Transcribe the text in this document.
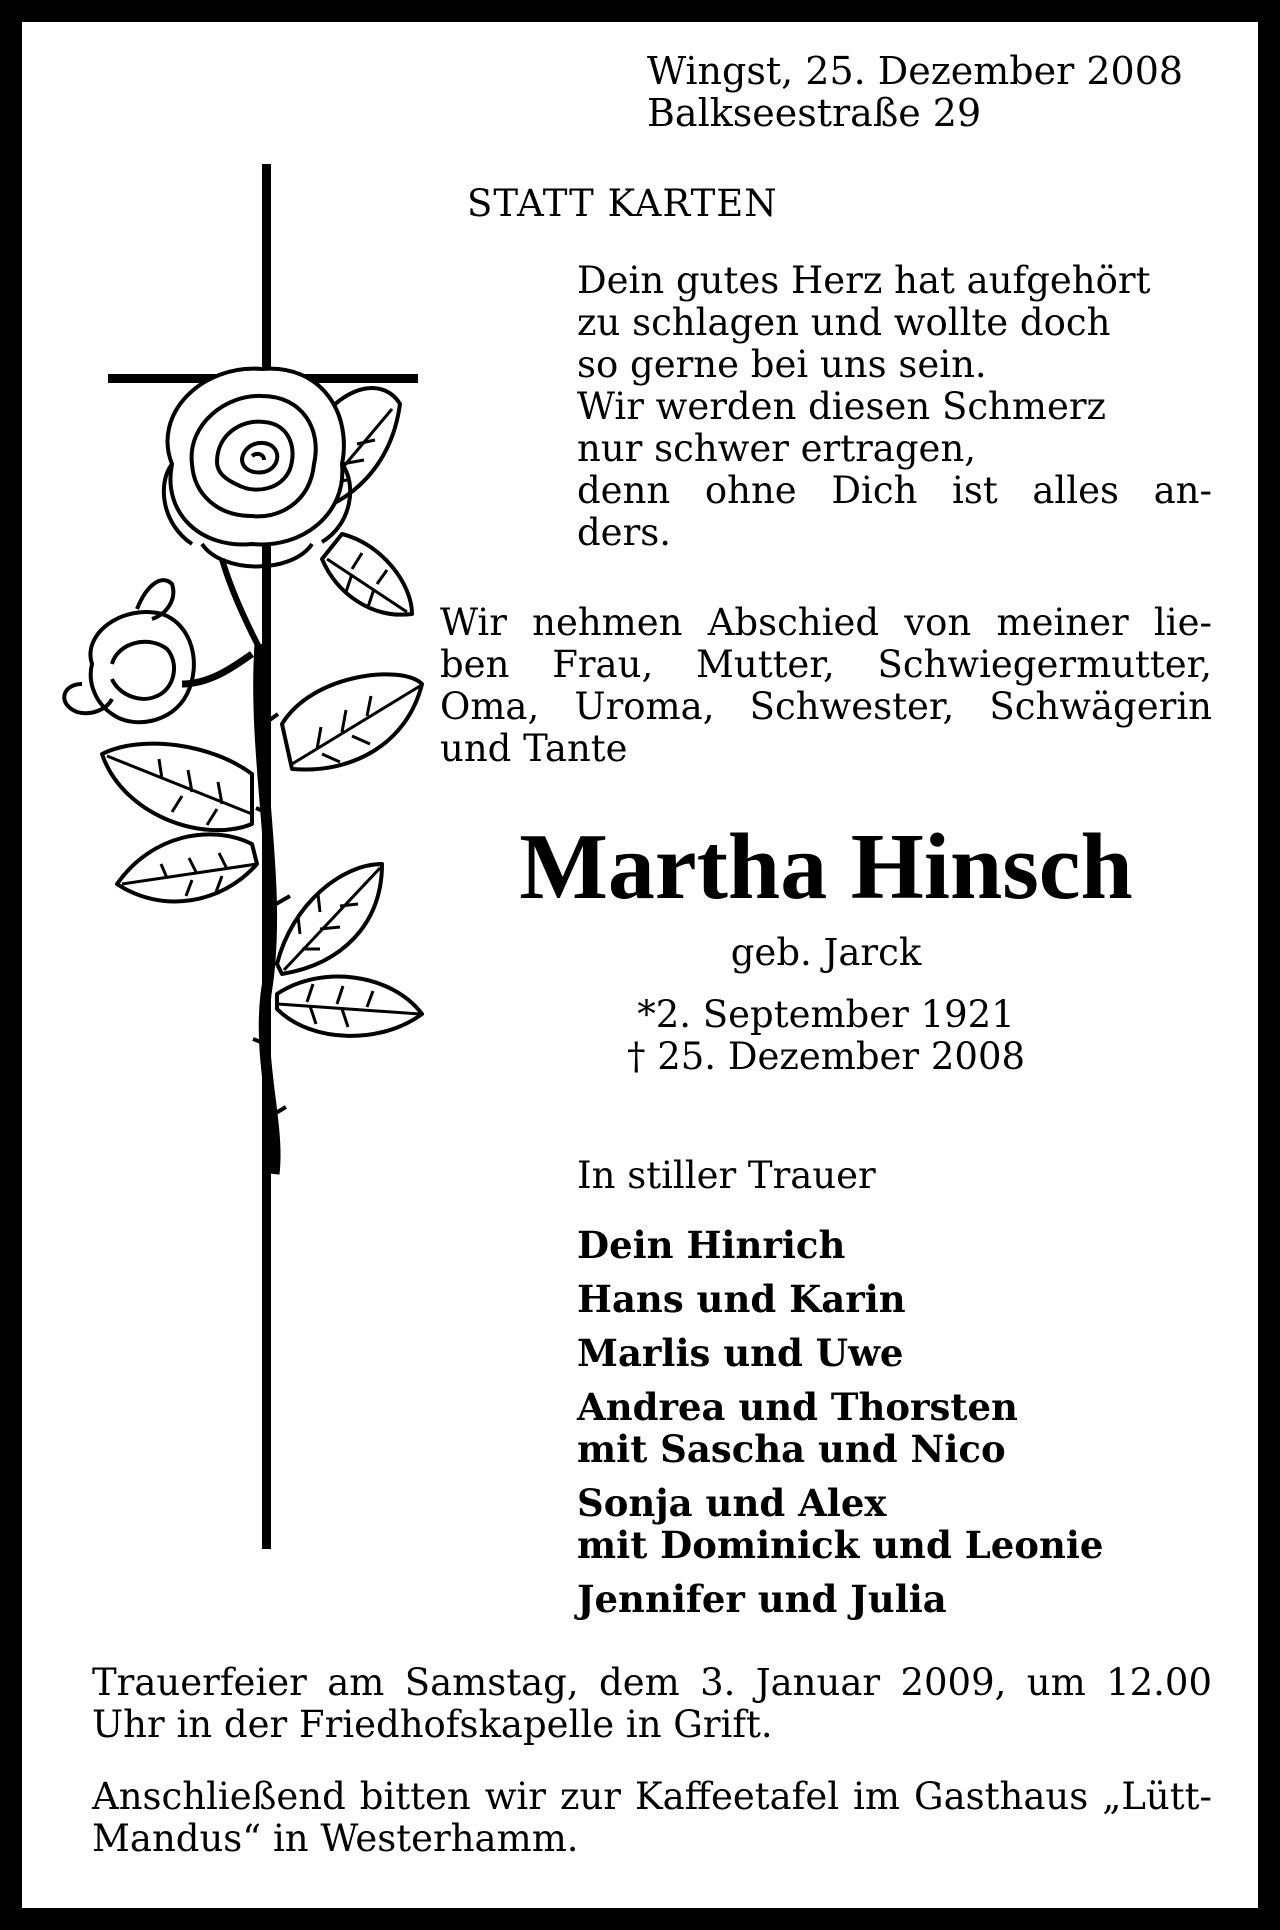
Wingst, 25. Dezember 2008
Balkseestraße 29
STATT KARTEN
Dein gutes Herz hat aufgehört
zu schlagen und wollte doch
so gerne bei uns sein.
Wir werden diesen Schmerz
nur schwer ertragen,
denn ohne Dich ist alles an-
ders.
Wir nehmen Abschied von meiner lie-
ben Frau, Mutter, Schwiegermutter,
Oma, Uroma, Schwester, Schwägerin
und Tante
Martha Hinsch
geb. Jarck
*2. September 1921
† 25. Dezember 2008
In stiller Trauer
Dein Hinrich
Hans und Karin
Marlis und Uwe
Andrea und Thorsten
mit Sascha und Nico
Sonja und Alex
mit Dominick und Leonie
Jennifer und Julia

Trauerfeier am Samstag, dem 3. Januar 2009, um 12.00 Uhr in der Friedhofskapelle in Grift.

Anschließend bitten wir zur Kaffeetafel im Gasthaus „Lütt-Mandus“ in Westerhamm.
